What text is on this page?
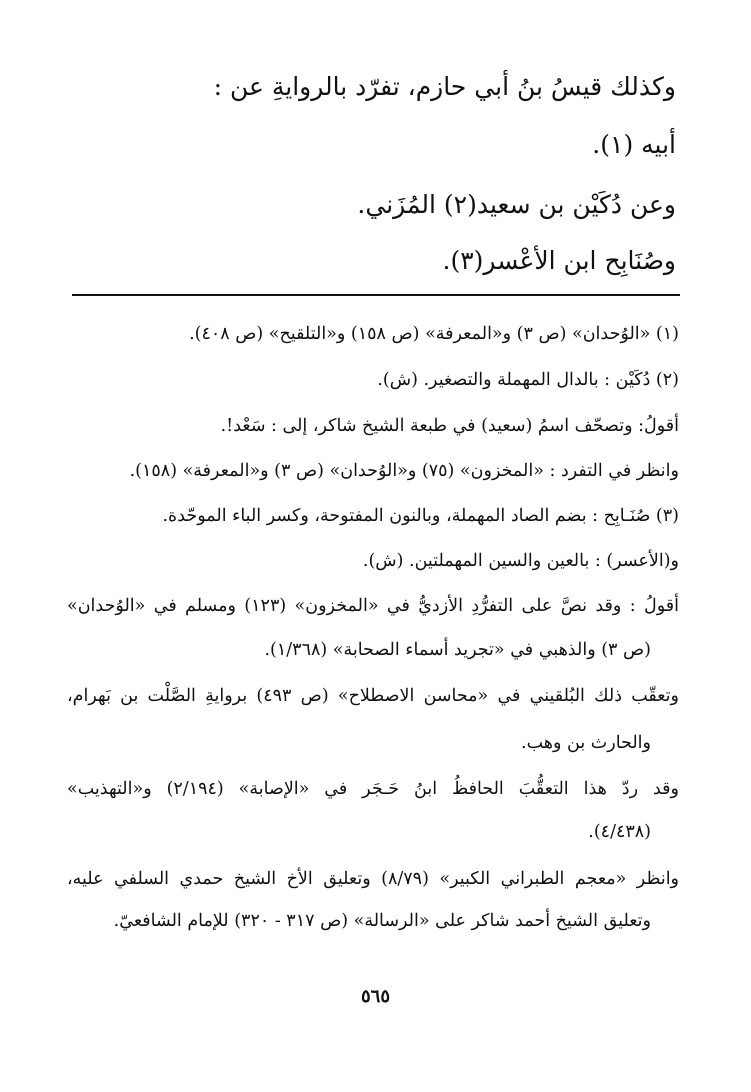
وكذلك قيسُ بنُ أبي حازم، تفرّد بالروايةِ عن :
أبيه (١).
وعن دُكَيْن بن سعيد(٢) المُزَني.
وصُنَابِح ابن الأعْسر(٣).
(١) «الوُحدان» (ص ٣) و«المعرفة» (ص ١٥٨) و«التلقيح» (ص ٤٠٨).
(٢) دُكَيْن : بالدال المهملة والتصغير. (ش).
أقولُ: وتصحّف اسمُ (سعيد) في طبعة الشيخ شاكر، إلى : سَعْد!.
وانظر في التفرد : «المخزون» (٧٥) و«الوُحدان» (ص ٣) و«المعرفة» (١٥٨).
(٣) صُنَـابِح : بضم الصاد المهملة، وبالنون المفتوحة، وكسر الباء الموحّدة.
و(الأعسر) : بالعين والسين المهملتين. (ش).
أقولُ : وقد نصَّ على التفرُّدِ الأزديُّ في «المخزون» (١٢٣) ومسلم في «الوُحدان»
(ص ٣) والذهبي في «تجريد أسماء الصحابة» (١/٣٦٨).
وتعقّب ذلك البُلقيني في «محاسن الاصطلاح» (ص ٤٩٣) بروايةِ الصَّلْت بن بَهرام،
والحارث بن وهب.
وقد ردّ هذا التعقُّبَ الحافظُ ابنُ حَـجَر في «الإصابة» (٢/١٩٤) و«التهذيب»
(٤/٤٣٨).
وانظر «معجم الطبراني الكبير» (٨/٧٩) وتعليق الأخ الشيخ حمدي السلفي عليه،
وتعليق الشيخ أحمد شاكر على «الرسالة» (ص ٣١٧ - ٣٢٠) للإمام الشافعيّ.
٥٦٥
